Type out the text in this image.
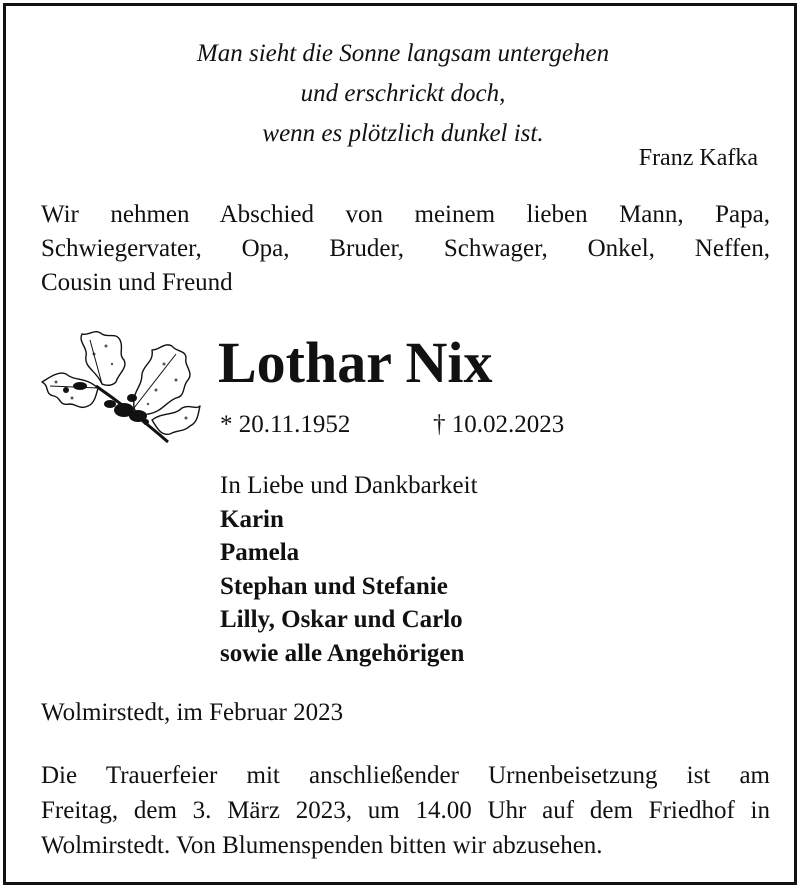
Man sieht die Sonne langsam untergehen
und erschrickt doch,
wenn es plötzlich dunkel ist.
Franz Kafka
Wir nehmen Abschied von meinem lieben Mann, Papa,
Schwiegervater, Opa, Bruder, Schwager, Onkel, Neffen,
Cousin und Freund
Lothar Nix
* 20.11.1952	† 10.02.2023
In Liebe und Dankbarkeit
Karin
Pamela
Stephan und Stefanie
Lilly, Oskar und Carlo
sowie alle Angehörigen
Wolmirstedt, im Februar 2023
Die Trauerfeier mit anschließender Urnenbeisetzung ist am
Freitag, dem 3. März 2023, um 14.00 Uhr auf dem Friedhof in
Wolmirstedt. Von Blumenspenden bitten wir abzusehen.
